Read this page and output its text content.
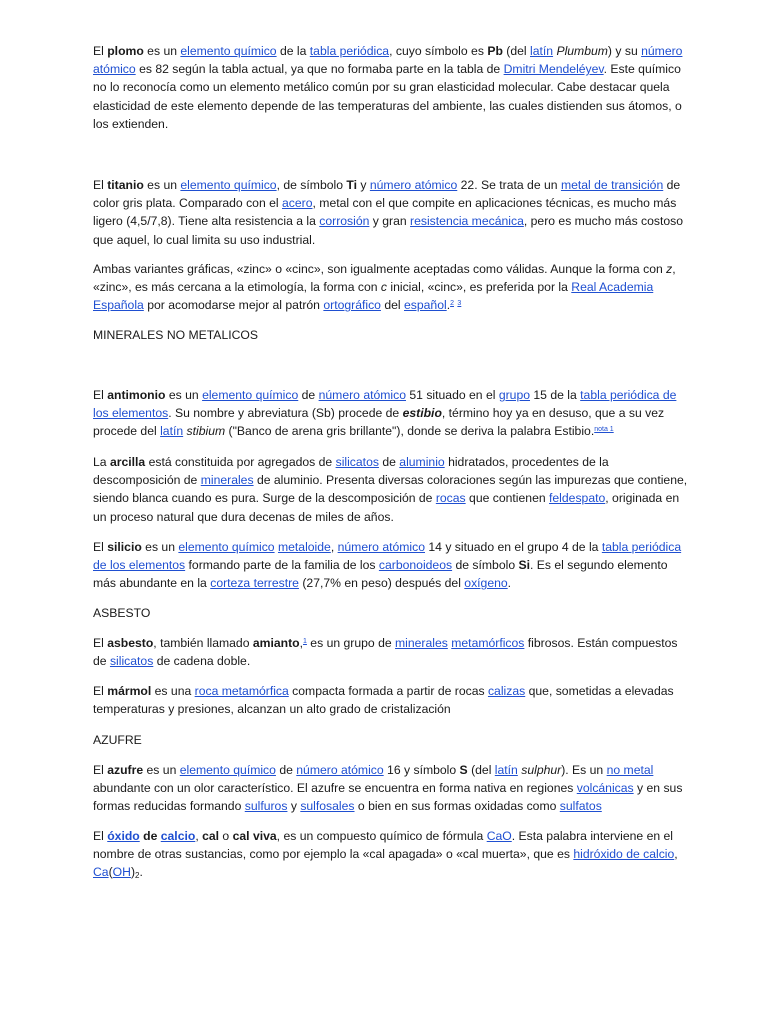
El plomo es un elemento químico de la tabla periódica, cuyo símbolo es Pb (del latín Plumbum) y su número atómico es 82 según la tabla actual, ya que no formaba parte en la tabla de Dmitri Mendeléyev. Este químico no lo reconocía como un elemento metálico común por su gran elasticidad molecular. Cabe destacar quela elasticidad de este elemento depende de las temperaturas del ambiente, las cuales distienden sus átomos, o los extienden.

El titanio es un elemento químico, de símbolo Ti y número atómico 22. Se trata de un metal de transición de color gris plata. Comparado con el acero, metal con el que compite en aplicaciones técnicas, es mucho más ligero (4,5/7,8). Tiene alta resistencia a la corrosión y gran resistencia mecánica, pero es mucho más costoso que aquel, lo cual limita su uso industrial.

Ambas variantes gráficas, «zinc» o «cinc», son igualmente aceptadas como válidas. Aunque la forma con z, «zinc», es más cercana a la etimología, la forma con c inicial, «cinc», es preferida por la Real Academia Española por acomodarse mejor al patrón ortográfico del español.$^2$ $^3$

MINERALES NO METALICOS

El antimonio es un elemento químico de número atómico 51 situado en el grupo 15 de la tabla periódica de los elementos. Su nombre y abreviatura (Sb) procede de estibio, término hoy ya en desuso, que a su vez procede del latín stibium ("Banco de arena gris brillante"), donde se deriva la palabra Estibio.$^{nota 1}$

La arcilla está constituida por agregados de silicatos de aluminio hidratados, procedentes de la descomposición de minerales de aluminio. Presenta diversas coloraciones según las impurezas que contiene, siendo blanca cuando es pura. Surge de la descomposición de rocas que contienen feldespato, originada en un proceso natural que dura decenas de miles de años.

El silicio es un elemento químico metaloide, número atómico 14 y situado en el grupo 4 de la tabla periódica de los elementos formando parte de la familia de los carbonoideos de símbolo Si. Es el segundo elemento más abundante en la corteza terrestre (27,7% en peso) después del oxígeno.

ASBESTO

El asbesto, también llamado amianto,$^1$ es un grupo de minerales metamórficos fibrosos. Están compuestos de silicatos de cadena doble.

El mármol es una roca metamórfica compacta formada a partir de rocas calizas que, sometidas a elevadas temperaturas y presiones, alcanzan un alto grado de cristalización

AZUFRE

El azufre es un elemento químico de número atómico 16 y símbolo S (del latín sulphur). Es un no metal abundante con un olor característico. El azufre se encuentra en forma nativa en regiones volcánicas y en sus formas reducidas formando sulfuros y sulfosales o bien en sus formas oxidadas como sulfatos

El óxido de calcio, cal o cal viva, es un compuesto químico de fórmula CaO. Esta palabra interviene en el nombre de otras sustancias, como por ejemplo la «cal apagada» o «cal muerta», que es hidróxido de calcio, $Ca(OH)_2$.
